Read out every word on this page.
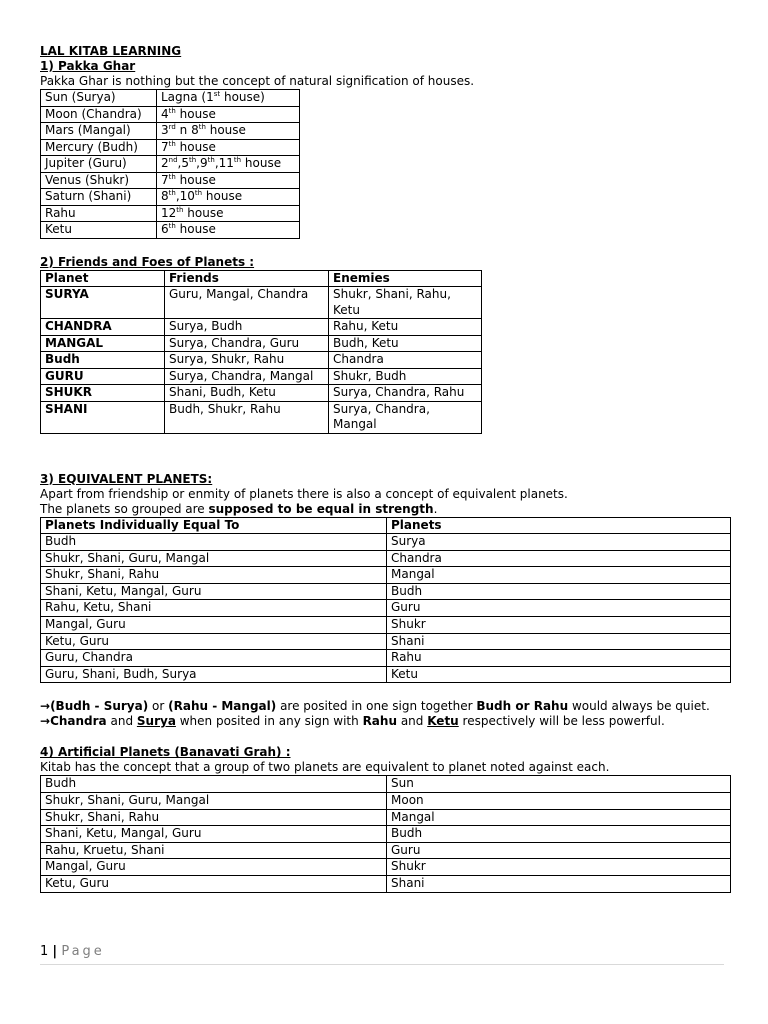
LAL KITAB LEARNING

1) Pakka Ghar

Pakka Ghar is nothing but the concept of natural signification of houses.

Sun (Surya)	Lagna (1st house)
Moon (Chandra)	4th house
Mars (Mangal)	3rd n 8th house
Mercury (Budh)	7th house
Jupiter (Guru)	2nd,5th,9th,11th house
Venus (Shukr)	7th house
Saturn (Shani)	8th,10th house
Rahu	12th house
Ketu	6th house

2) Friends and Foes of Planets :

Planet	Friends	Enemies
SURYA	Guru, Mangal, Chandra	Shukr, Shani, Rahu, Ketu
CHANDRA	Surya, Budh	Rahu, Ketu
MANGAL	Surya, Chandra, Guru	Budh, Ketu
Budh	Surya, Shukr, Rahu	Chandra
GURU	Surya, Chandra, Mangal	Shukr, Budh
SHUKR	Shani, Budh, Ketu	Surya, Chandra, Rahu
SHANI	Budh, Shukr, Rahu	Surya, Chandra, Mangal

3) EQUIVALENT PLANETS:

Apart from friendship or enmity of planets there is also a concept of equivalent planets.

The planets so grouped are supposed to be equal in strength.

Planets Individually Equal To	Planets
Budh	Surya
Shukr, Shani, Guru, Mangal	Chandra
Shukr, Shani, Rahu	Mangal
Shani, Ketu, Mangal, Guru	Budh
Rahu, Ketu, Shani	Guru
Mangal, Guru	Shukr
Ketu, Guru	Shani
Guru, Chandra	Rahu
Guru, Shani, Budh, Surya	Ketu

→(Budh - Surya) or (Rahu - Mangal) are posited in one sign together Budh or Rahu would always be quiet.

→Chandra and Surya when posited in any sign with Rahu and Ketu respectively will be less powerful.

4) Artificial Planets (Banavati Grah) :

Kitab has the concept that a group of two planets are equivalent to planet noted against each.

Budh	Sun
Shukr, Shani, Guru, Mangal	Moon
Shukr, Shani, Rahu	Mangal
Shani, Ketu, Mangal, Guru	Budh
Rahu, Kruetu, Shani	Guru
Mangal, Guru	Shukr
Ketu, Guru	Shani
1 | Page
